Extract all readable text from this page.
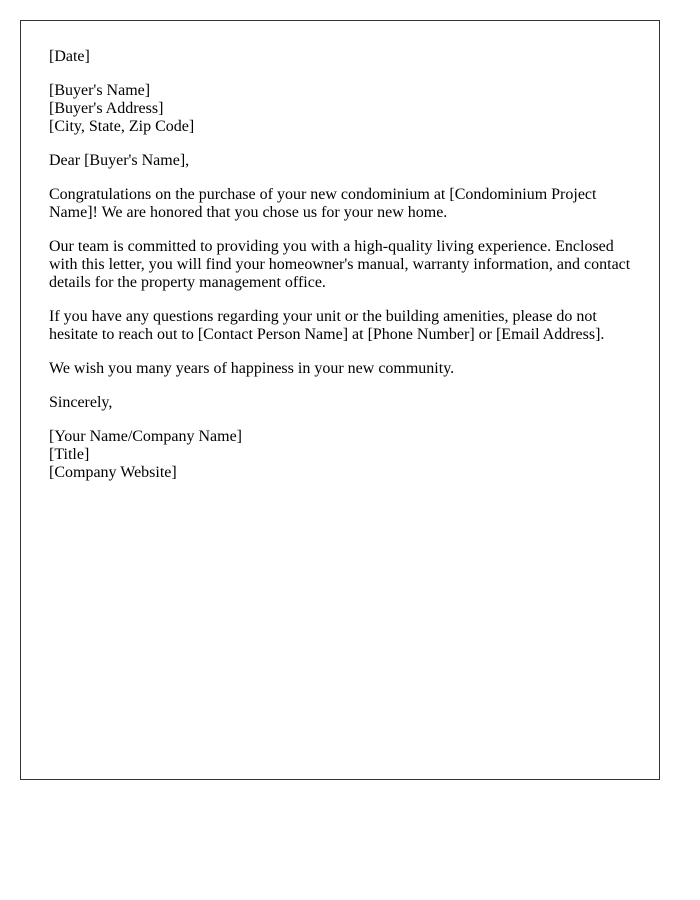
[Date]
[Buyer's Name]
[Buyer's Address]
[City, State, Zip Code]
Dear [Buyer's Name],
Congratulations on the purchase of your new condominium at [Condominium Project Name]! We are honored that you chose us for your new home.
Our team is committed to providing you with a high-quality living experience. Enclosed with this letter, you will find your homeowner's manual, warranty information, and contact details for the property management office.
If you have any questions regarding your unit or the building amenities, please do not hesitate to reach out to [Contact Person Name] at [Phone Number] or [Email Address].
We wish you many years of happiness in your new community.
Sincerely,
[Your Name/Company Name]
[Title]
[Company Website]
